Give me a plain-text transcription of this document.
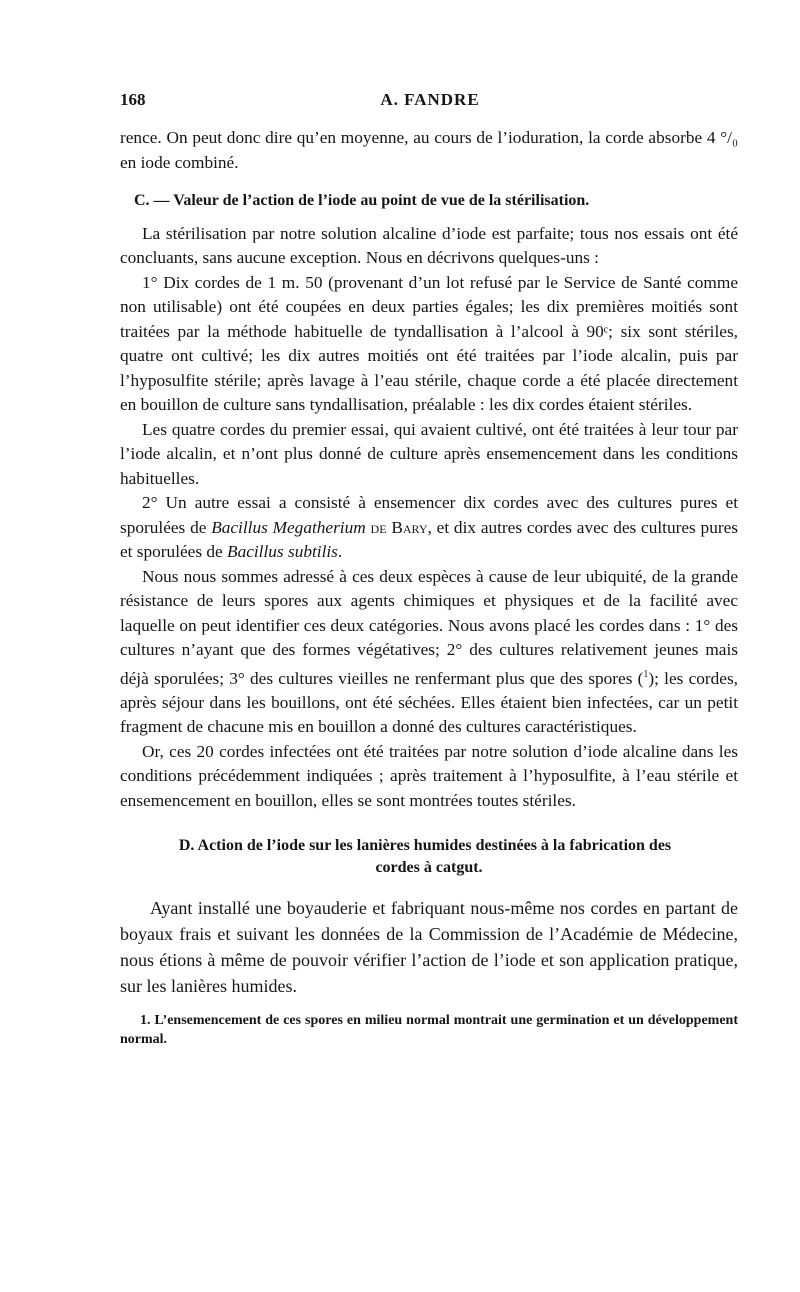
168	A. FANDRE

rence. On peut donc dire qu’en moyenne, au cours de l’ioduration, la corde absorbe 4 °/₀ en iode combiné.

C. — Valeur de l’action de l’iode au point de vue de la stérilisation.

La stérilisation par notre solution alcaline d’iode est parfaite; tous nos essais ont été concluants, sans aucune exception. Nous en décrivons quelques-uns :

1° Dix cordes de 1 m. 50 (provenant d’un lot refusé par le Service de Santé comme non utilisable) ont été coupées en deux parties égales; les dix premières moitiés sont traitées par la méthode habituelle de tyndallisation à l’alcool à 90ᶜ; six sont stériles, quatre ont cultivé; les dix autres moitiés ont été traitées par l’iode alcalin, puis par l’hyposulfite stérile; après lavage à l’eau stérile, chaque corde a été placée directement en bouillon de culture sans tyndallisation, préalable : les dix cordes étaient stériles.

Les quatre cordes du premier essai, qui avaient cultivé, ont été traitées à leur tour par l’iode alcalin, et n’ont plus donné de culture après ensemencement dans les conditions habituelles.

2° Un autre essai a consisté à ensemencer dix cordes avec des cultures pures et sporulées de Bacillus Megatherium de Bary, et dix autres cordes avec des cultures pures et sporulées de Bacillus subtilis.

Nous nous sommes adressé à ces deux espèces à cause de leur ubiquité, de la grande résistance de leurs spores aux agents chimiques et physiques et de la facilité avec laquelle on peut identifier ces deux catégories. Nous avons placé les cordes dans : 1° des cultures n’ayant que des formes végétatives; 2° des cultures relativement jeunes mais déjà sporulées; 3° des cultures vieilles ne renfermant plus que des spores ($^1$); les cordes, après séjour dans les bouillons, ont été séchées. Elles étaient bien infectées, car un petit fragment de chacune mis en bouillon a donné des cultures caractéristiques.

Or, ces 20 cordes infectées ont été traitées par notre solution d’iode alcaline dans les conditions précédemment indiquées ; après traitement à l’hyposulfite, à l’eau stérile et ensemencement en bouillon, elles se sont montrées toutes stériles.

D. Action de l’iode sur les lanières humides destinées à la fabrication des
cordes à catgut.

Ayant installé une boyauderie et fabriquant nous-même nos cordes en partant de boyaux frais et suivant les données de la Commission de l’Académie de Médecine, nous étions à même de pouvoir vérifier l’action de l’iode et son application pratique, sur les lanières humides.

1. L’ensemencement de ces spores en milieu normal montrait une germination et un développement normal.
